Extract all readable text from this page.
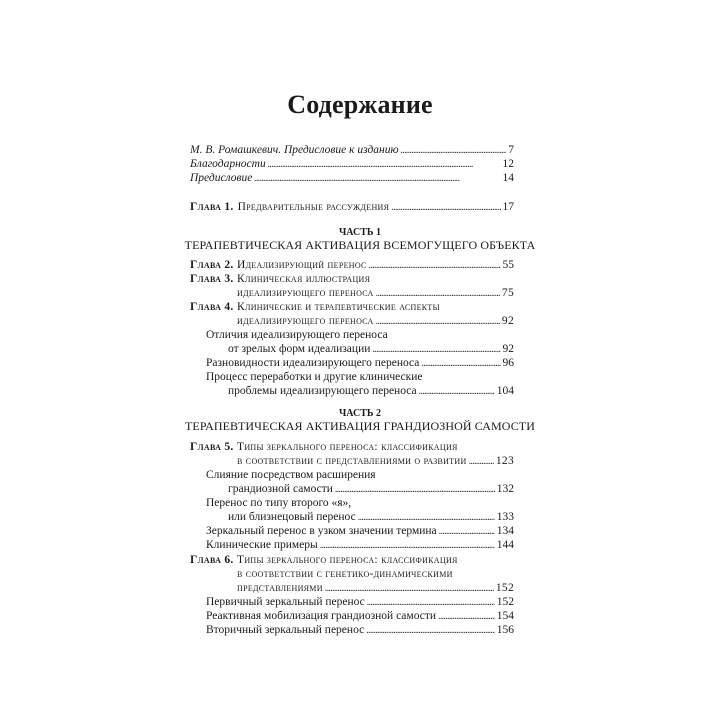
Содержание
М. В. Ромашкевич. Предисловие к изданию . . .	7
Благодарности . . .	12
Предисловие . . .	14
Глава 1. Предварительные рассуждения . . .	17
ЧАСТЬ 1
ТЕРАПЕВТИЧЕСКАЯ АКТИВАЦИЯ ВСЕМОГУЩЕГО ОБЪЕКТА
Глава 2. Идеализирующий перенос . . .	55
Глава 3. Клиническая иллюстрация
идеализирующего переноса . . .	75
Глава 4. Клинические и терапевтические аспекты
идеализирующего переноса . . .	92
Отличия идеализирующего переноса
от зрелых форм идеализации . . .	92
Разновидности идеализирующего переноса . . .	96
Процесс переработки и другие клинические
проблемы идеализирующего переноса . . .	104
ЧАСТЬ 2
ТЕРАПЕВТИЧЕСКАЯ АКТИВАЦИЯ ГРАНДИОЗНОЙ САМОСТИ
Глава 5. Типы зеркального переноса: классификация
в соответствии с представлениями о развитии . . .	123
Слияние посредством расширения
грандиозной самости . . .	132
Перенос по типу второго «я»,
или близнецовый перенос . . .	133
Зеркальный перенос в узком значении термина . . .	134
Клинические примеры . . .	144
Глава 6. Типы зеркального переноса: классификация
в соответствии с генетико-динамическими
представлениями . . .	152
Первичный зеркальный перенос . . .	152
Реактивная мобилизация грандиозной самости . . .	154
Вторичный зеркальный перенос . . .	156
